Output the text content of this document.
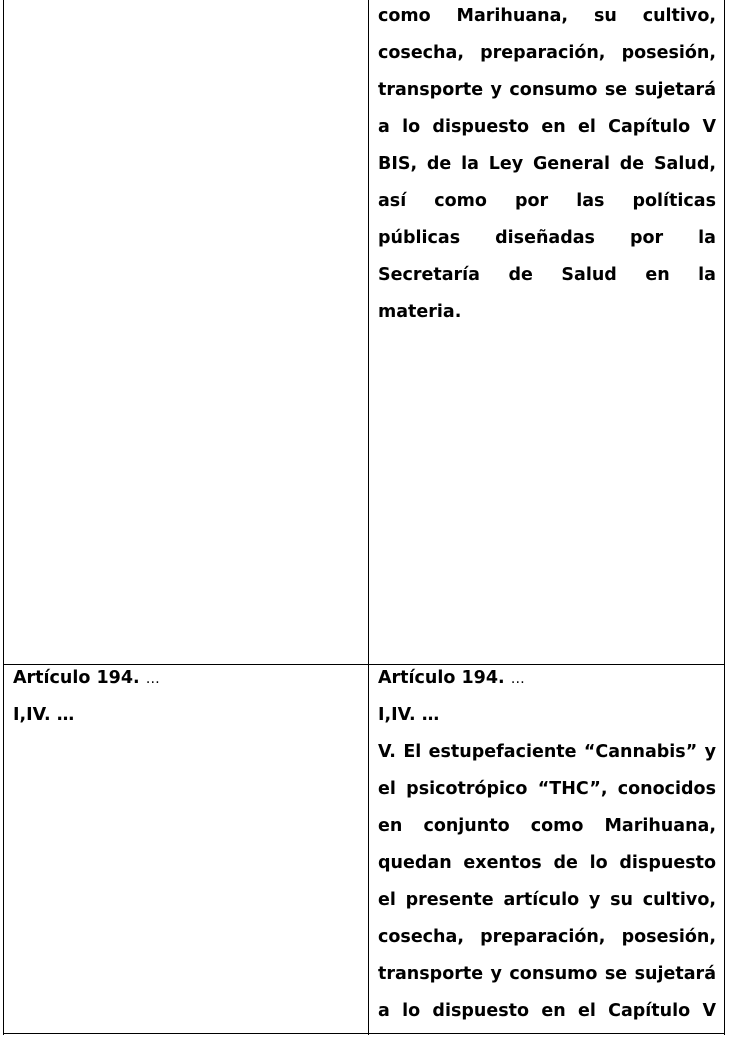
como Marihuana, su cultivo,
cosecha, preparación, posesión,
transporte y consumo se sujetará
a lo dispuesto en el Capítulo V
BIS, de la Ley General de Salud,
así como por las políticas
públicas diseñadas por la
Secretaría de Salud en la
materia.
Artículo 194. …
I,IV. …
Artículo 194. …
I,IV. …
V. El estupefaciente “Cannabis” y
el psicotrópico “THC”, conocidos
en conjunto como Marihuana,
quedan exentos de lo dispuesto
el presente artículo y su cultivo,
cosecha, preparación, posesión,
transporte y consumo se sujetará
a lo dispuesto en el Capítulo V
